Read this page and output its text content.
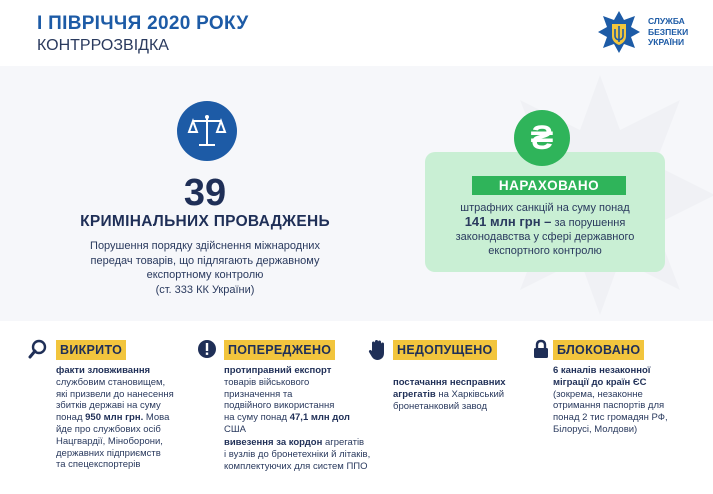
І ПІВРІЧЧЯ 2020 РОКУ
КОНТРРОЗВІДКА
СЛУЖБА
БЕЗПЕКИ
УКРАЇНИ
39
КРИМІНАЛЬНИХ ПРОВАДЖЕНЬ
Порушення порядку здійснення міжнародних
передач товарів, що підлягають державному
експортному контролю
(ст. 333 КК України)
₴
НАРАХОВАНО
штрафних санкцій на суму понад
141 млн грн – за порушення
законодавства у сфері державного
експортного контролю
ВИКРИТО
факти зловживання
службовим становищем,
які призвели до нанесення
збитків державі на суму
понад 950 млн грн. Мова
йде про службових осіб
Нацгвардії, Міноборони,
державних підприємств
та спецекспортерів
ПОПЕРЕДЖЕНО
протиправний експорт
товарів військового
призначення та
подвійного використання
на суму понад 47,1 млн дол
США
вивезення за кордон агрегатів
і вузлів до бронетехніки й літаків,
комплектуючих для систем ППО
НЕДОПУЩЕНО
постачання несправних
агрегатів на Харківський
бронетанковий завод
БЛОКОВАНО
6 каналів незаконної
міграції до країн ЄС
(зокрема, незаконне
отримання паспортів для
понад 2 тис громадян РФ,
Білорусі, Молдови)
